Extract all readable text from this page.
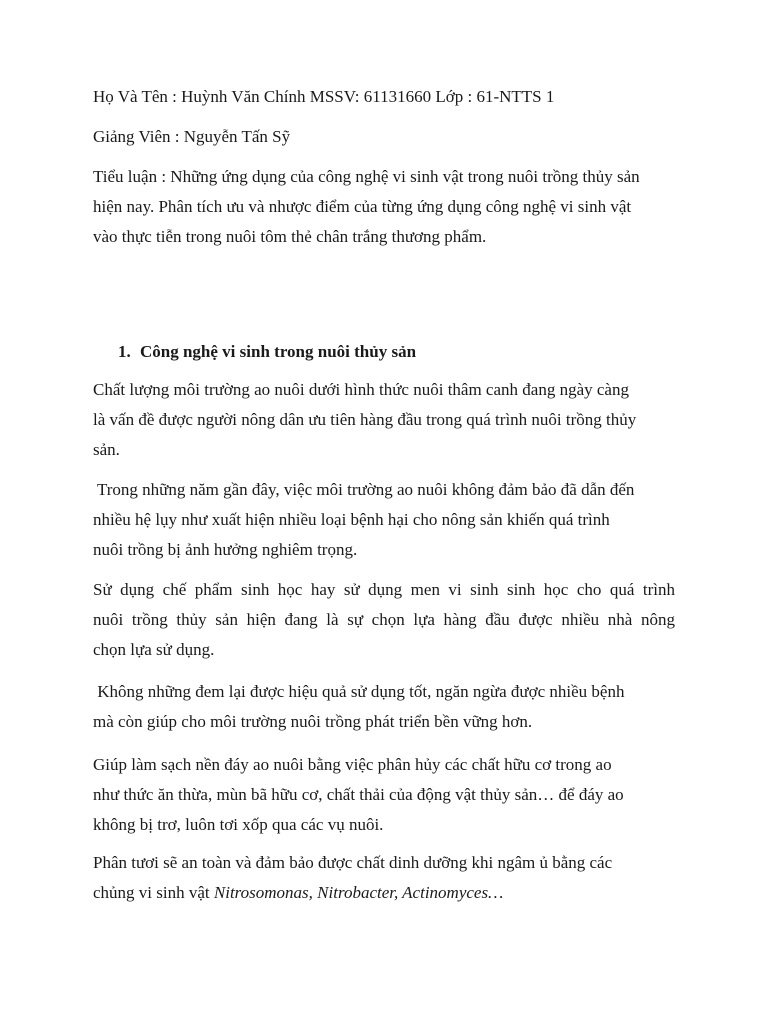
Họ Và Tên : Huỳnh Văn Chính MSSV: 61131660 Lớp : 61-NTTS 1
Giảng Viên : Nguyễn Tấn Sỹ
Tiểu luận : Những ứng dụng của công nghệ vi sinh vật trong nuôi trồng thủy sản
hiện nay. Phân tích ưu và nhược điểm của từng ứng dụng công nghệ vi sinh vật
vào thực tiễn trong nuôi tôm thẻ chân trắng thương phẩm.
1. Công nghệ vi sinh trong nuôi thủy sản
Chất lượng môi trường ao nuôi dưới hình thức nuôi thâm canh đang ngày càng
là vấn đề được người nông dân ưu tiên hàng đầu trong quá trình nuôi trồng thủy
sản.
Trong những năm gần đây, việc môi trường ao nuôi không đảm bảo đã dẫn đến
nhiều hệ lụy như xuất hiện nhiều loại bệnh hại cho nông sản khiến quá trình
nuôi trồng bị ảnh hưởng nghiêm trọng.
Sử dụng chế phẩm sinh học hay sử dụng men vi sinh sinh học cho quá trình
nuôi trồng thủy sản hiện đang là sự chọn lựa hàng đầu được nhiều nhà nông
chọn lựa sử dụng.
Không những đem lại được hiệu quả sử dụng tốt, ngăn ngừa được nhiều bệnh
mà còn giúp cho môi trường nuôi trồng phát triển bền vững hơn.
Giúp làm sạch nền đáy ao nuôi bằng việc phân hủy các chất hữu cơ trong ao
như thức ăn thừa, mùn bã hữu cơ, chất thải của động vật thủy sản… để đáy ao
không bị trơ, luôn tơi xốp qua các vụ nuôi.
Phân tươi sẽ an toàn và đảm bảo được chất dinh dưỡng khi ngâm ủ bằng các
chủng vi sinh vật Nitrosomonas, Nitrobacter, Actinomyces…
